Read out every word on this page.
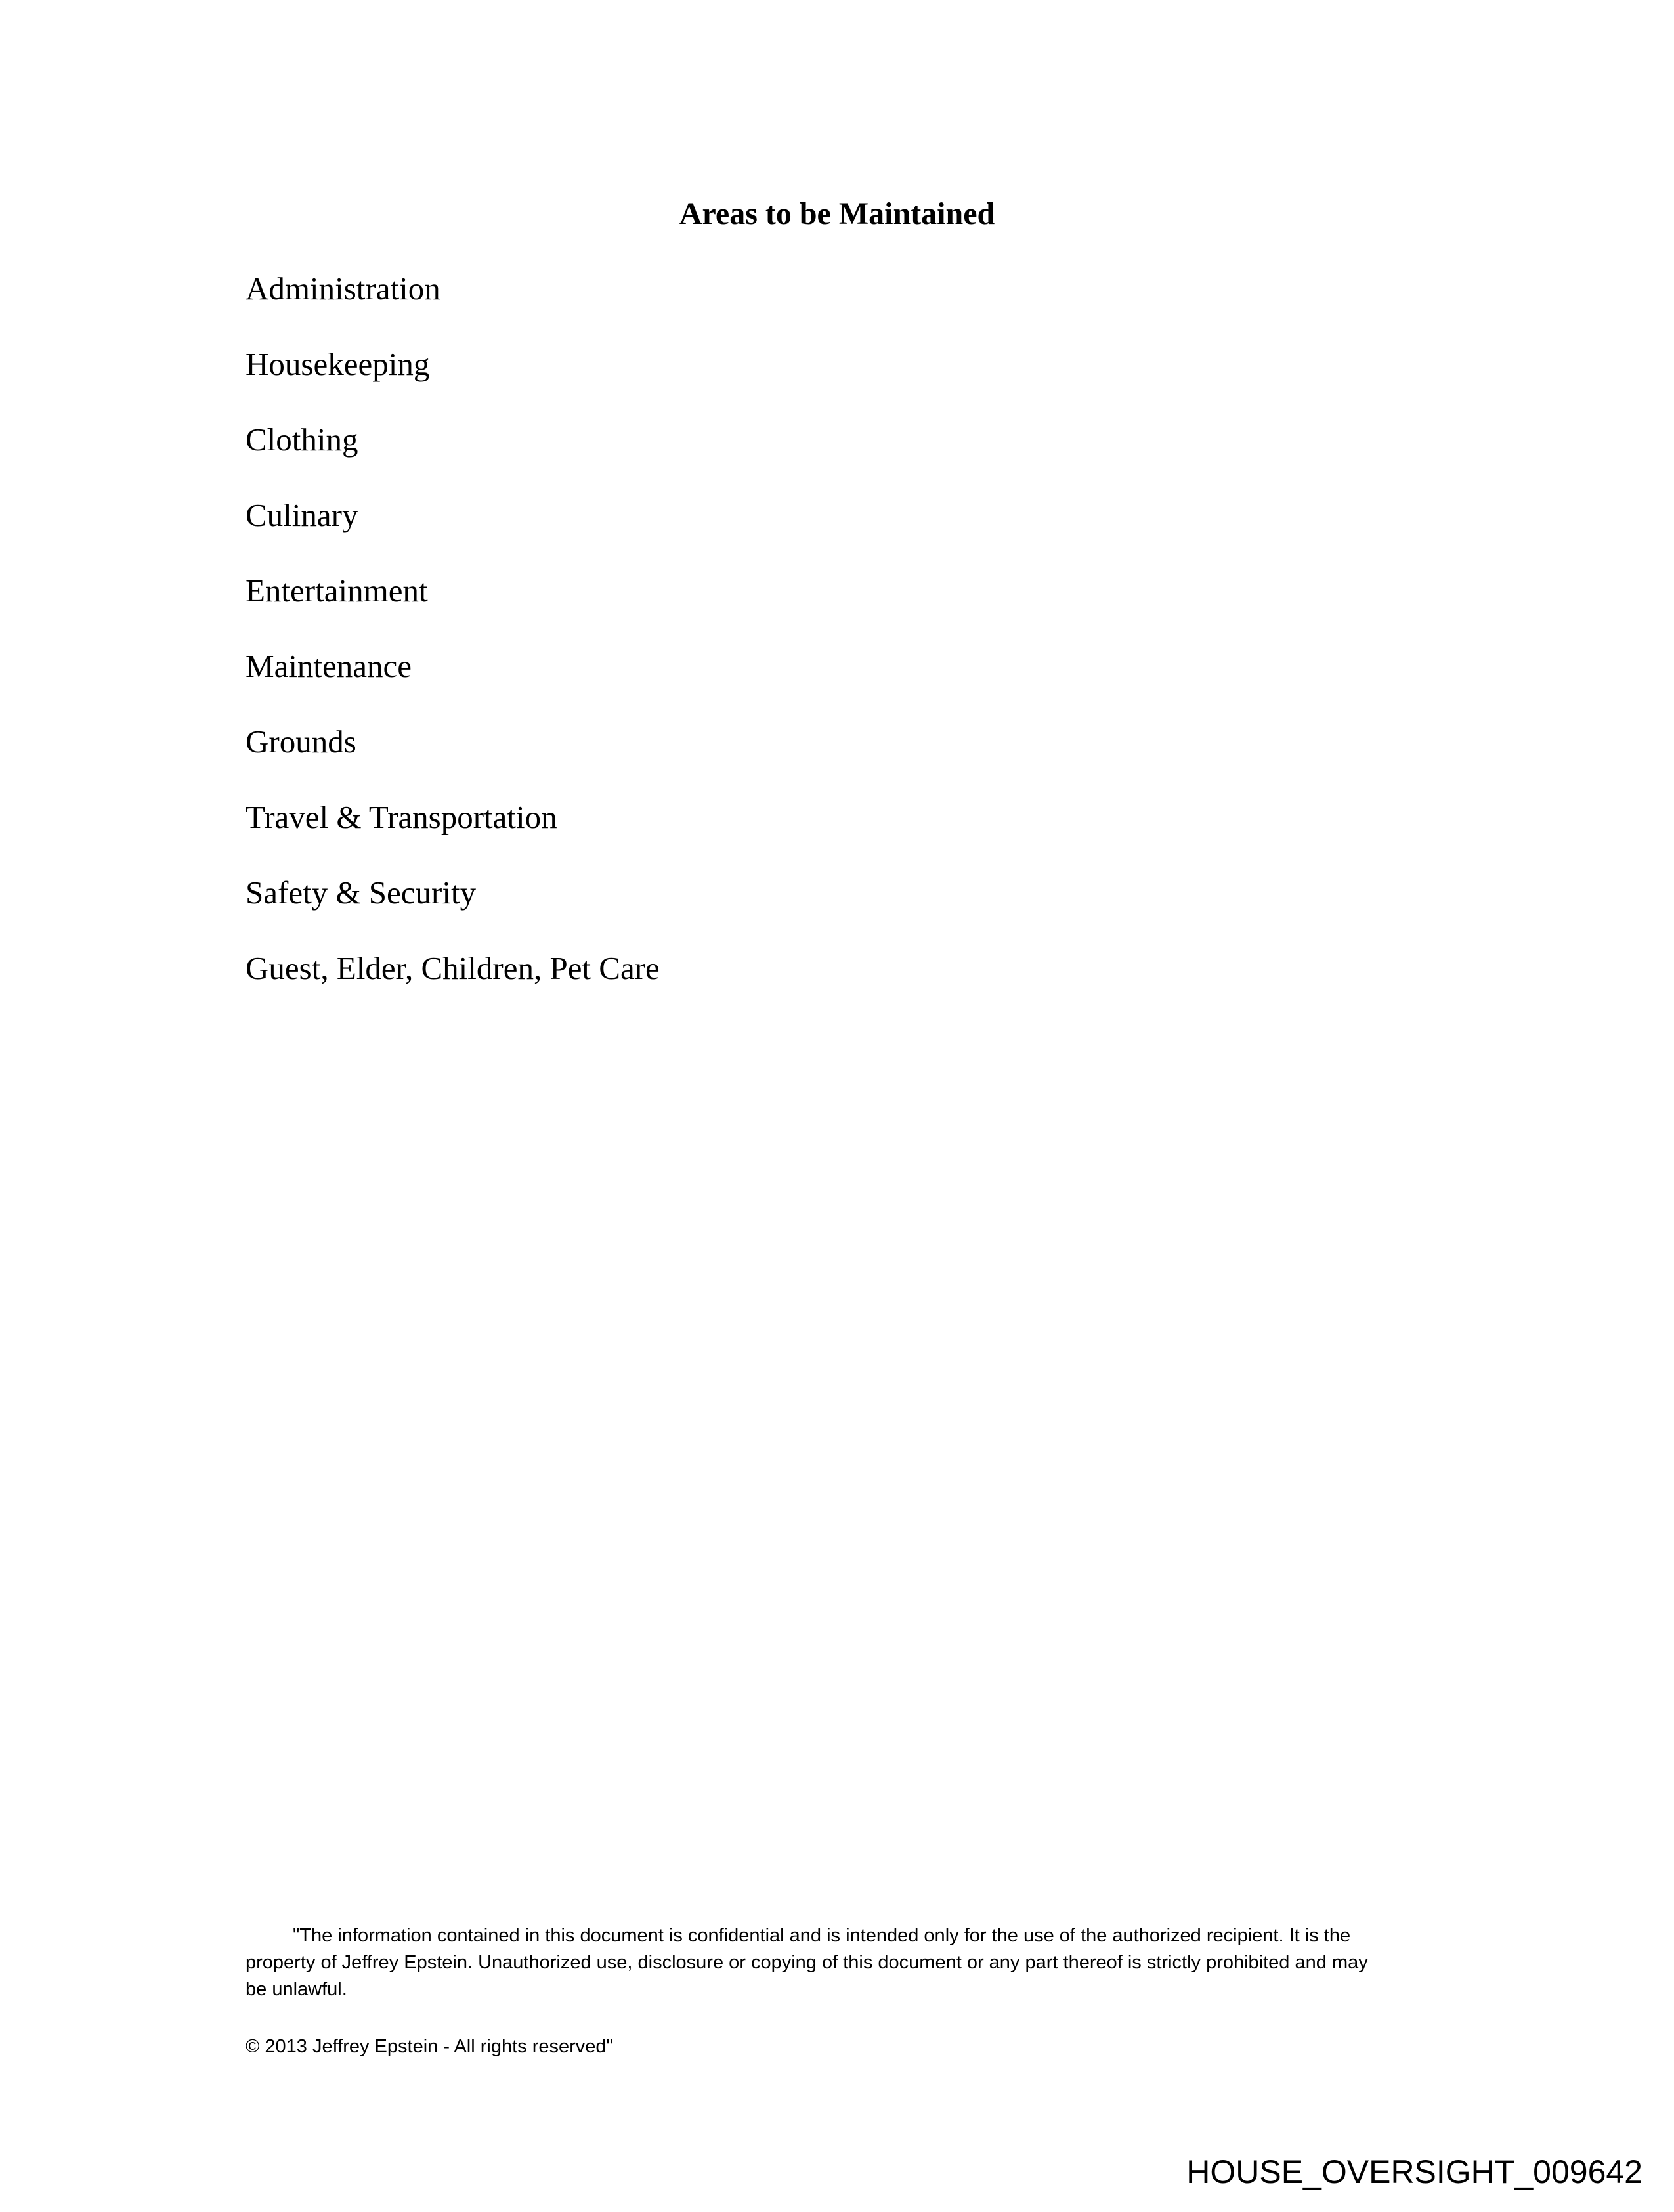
Areas to be Maintained
Administration
Housekeeping
Clothing
Culinary
Entertainment
Maintenance
Grounds
Travel & Transportation
Safety & Security
Guest, Elder, Children, Pet Care

"The information contained in this document is confidential and is intended only for the use of the authorized recipient. It is the property of Jeffrey Epstein. Unauthorized use, disclosure or copying of this document or any part thereof is strictly prohibited and may be unlawful.

© 2013 Jeffrey Epstein - All rights reserved"
HOUSE_OVERSIGHT_009642
